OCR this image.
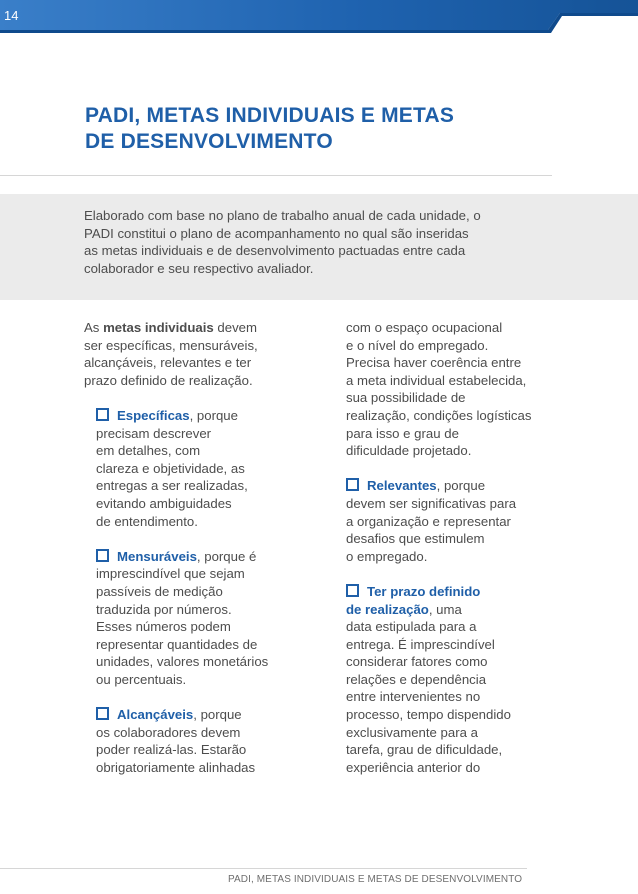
14
PADI, METAS INDIVIDUAIS E METAS
DE DESENVOLVIMENTO
Elaborado com base no plano de trabalho anual de cada unidade, o
PADI constitui o plano de acompanhamento no qual são inseridas
as metas individuais e de desenvolvimento pactuadas entre cada
colaborador e seu respectivo avaliador.
As metas individuais devem
ser específicas, mensuráveis,
alcançáveis, relevantes e ter
prazo definido de realização.
Específicas, porque
precisam descrever
em detalhes, com
clareza e objetividade, as
entregas a ser realizadas,
evitando ambiguidades
de entendimento.
Mensuráveis, porque é
imprescindível que sejam
passíveis de medição
traduzida por números.
Esses números podem
representar quantidades de
unidades, valores monetários
ou percentuais.
Alcançáveis, porque
os colaboradores devem
poder realizá-las. Estarão
obrigatoriamente alinhadas
com o espaço ocupacional
e o nível do empregado.
Precisa haver coerência entre
a meta individual estabelecida,
sua possibilidade de
realização, condições logísticas
para isso e grau de
dificuldade projetado.
Relevantes, porque
devem ser significativas para
a organização e representar
desafios que estimulem
o empregado.
Ter prazo definido
de realização, uma
data estipulada para a
entrega. É imprescindível
considerar fatores como
relações e dependência
entre intervenientes no
processo, tempo dispendido
exclusivamente para a
tarefa, grau de dificuldade,
experiência anterior do
PADI, METAS INDIVIDUAIS E METAS DE DESENVOLVIMENTO
